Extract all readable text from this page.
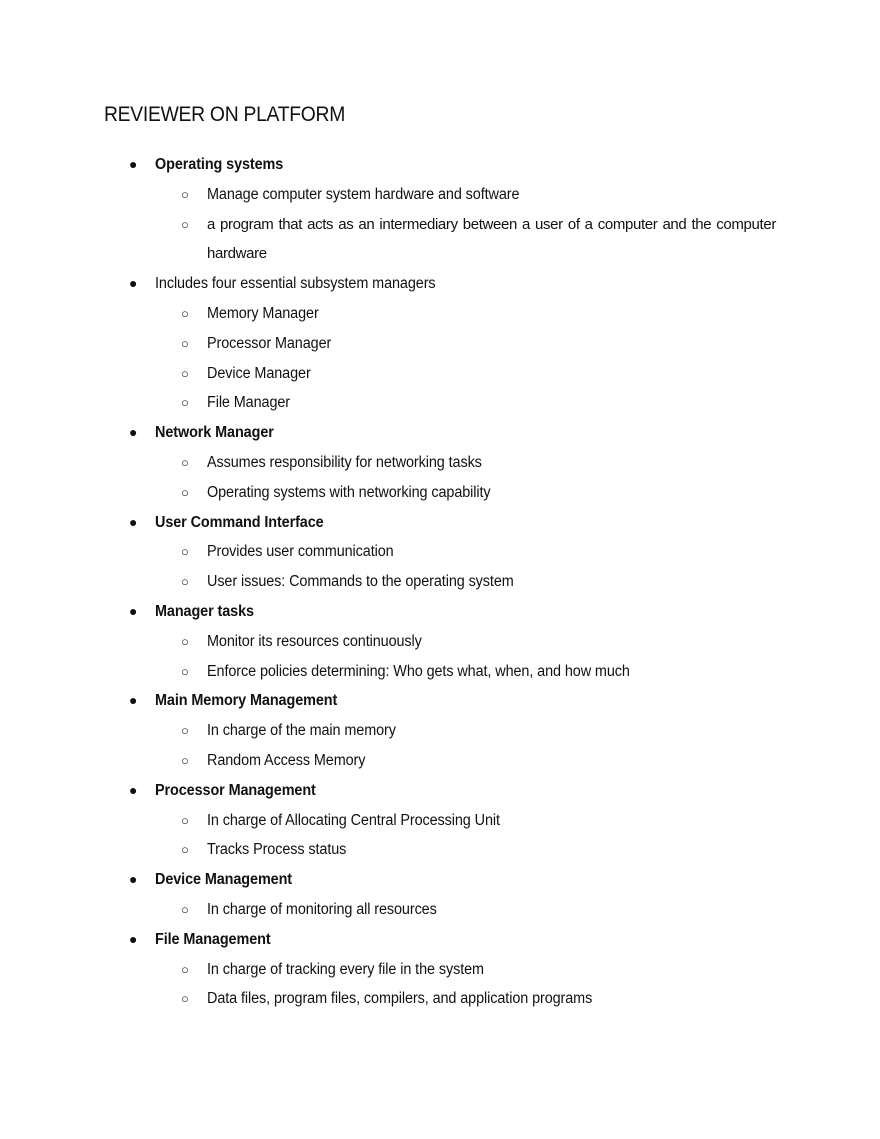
REVIEWER ON PLATFORM
● Operating systems
○ Manage computer system hardware and software
○ a program that acts as an intermediary between a user of a computer and the computer hardware
● Includes four essential subsystem managers
○ Memory Manager
○ Processor Manager
○ Device Manager
○ File Manager
● Network Manager
○ Assumes responsibility for networking tasks
○ Operating systems with networking capability
● User Command Interface
○ Provides user communication
○ User issues: Commands to the operating system
● Manager tasks
○ Monitor its resources continuously
○ Enforce policies determining: Who gets what, when, and how much
● Main Memory Management
○ In charge of the main memory
○ Random Access Memory
● Processor Management
○ In charge of Allocating Central Processing Unit
○ Tracks Process status
● Device Management
○ In charge of monitoring all resources
● File Management
○ In charge of tracking every file in the system
○ Data files, program files, compilers, and application programs
